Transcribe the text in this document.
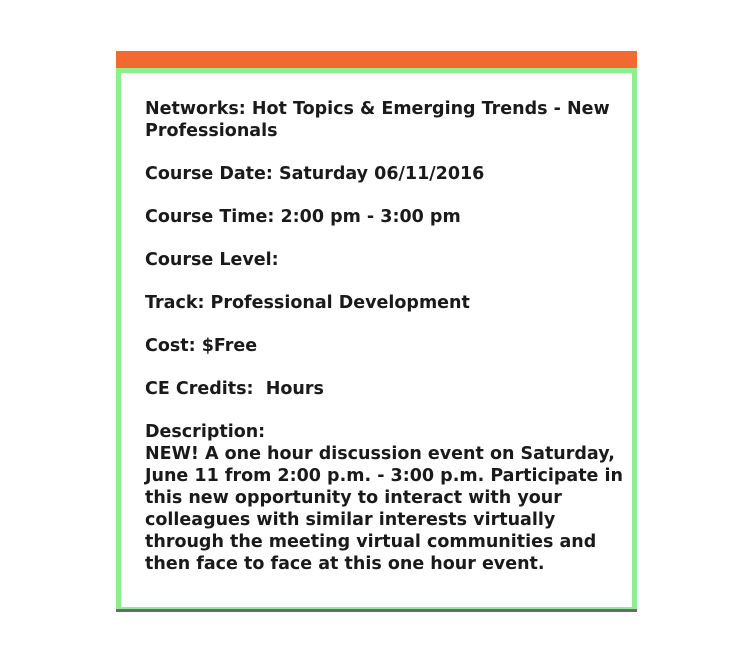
Networks: Hot Topics & Emerging Trends - New Professionals
Course Date: Saturday 06/11/2016
Course Time: 2:00 pm - 3:00 pm
Course Level:
Track: Professional Development
Cost: $Free
CE Credits:  Hours
Description:
NEW! A one hour discussion event on Saturday, June 11 from 2:00 p.m. - 3:00 p.m. Participate in this new opportunity to interact with your colleagues with similar interests virtually through the meeting virtual communities and then face to face at this one hour event.
